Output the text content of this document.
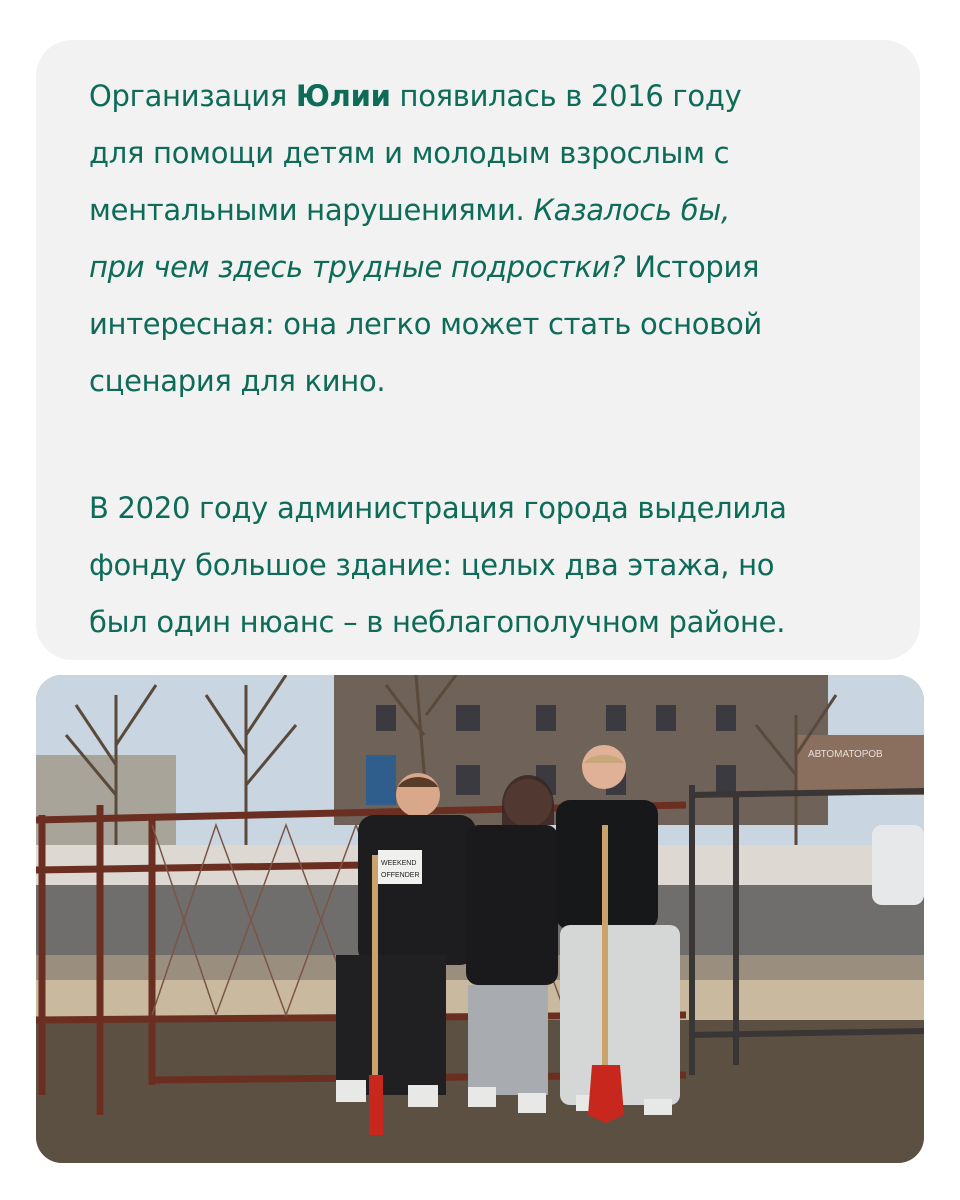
Организация Юлии появилась в 2016 году
для помощи детям и молодым взрослым с
ментальными нарушениями. Казалось бы,
при чем здесь трудные подростки? История
интересная: она легко может стать основой
сценария для кино.

В 2020 году администрация города выделила
фонду большое здание: целых два этажа, но
был один нюанс – в неблагополучном районе.

АВТОМАТОРОВ
WEEKEND
OFFENDER
